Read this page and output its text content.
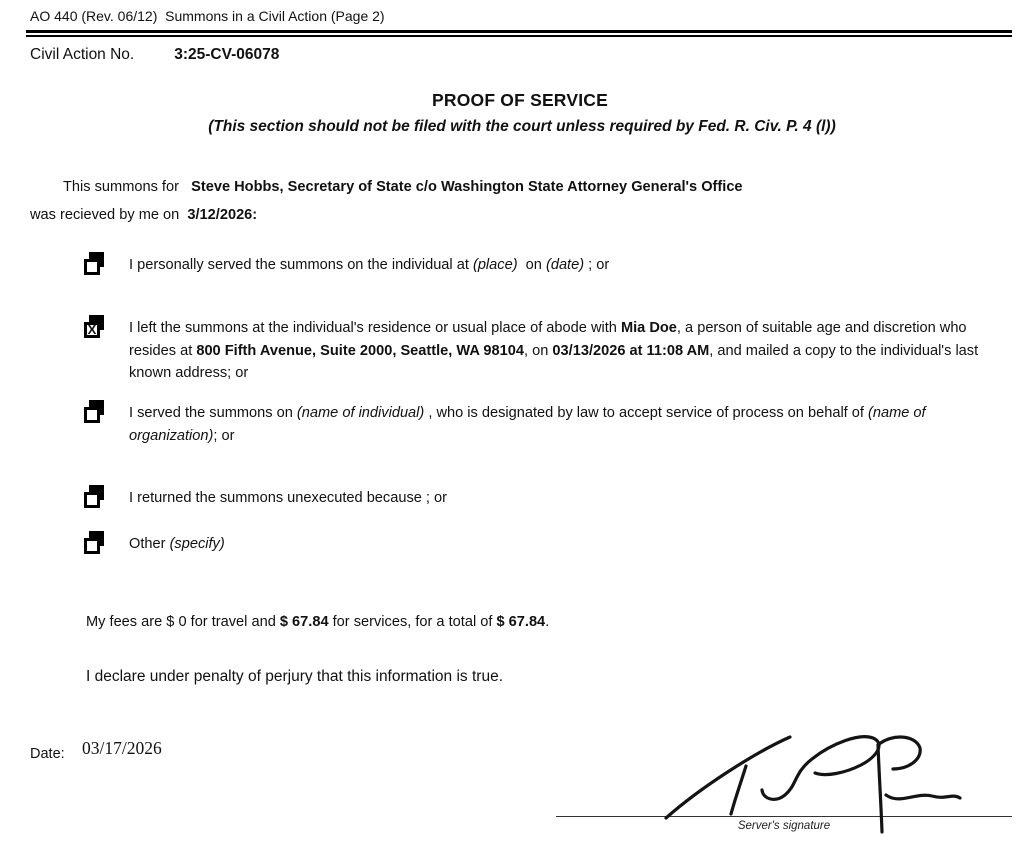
AO 440 (Rev. 06/12)  Summons in a Civil Action (Page 2)
Civil Action No.	3:25-CV-06078
PROOF OF SERVICE
(This section should not be filed with the court unless required by Fed. R. Civ. P. 4 (l))
This summons for   Steve Hobbs, Secretary of State c/o Washington State Attorney General's Office
was recieved by me on  3/12/2026:
I personally served the summons on the individual at (place)  on (date) ; or
X I left the summons at the individual's residence or usual place of abode with Mia Doe, a person of suitable age and discretion who resides at 800 Fifth Avenue, Suite 2000, Seattle, WA 98104, on 03/13/2026 at 11:08 AM, and mailed a copy to the individual's last known address; or
I served the summons on (name of individual) , who is designated by law to accept service of process on behalf of (name of  organization); or
I returned the summons unexecuted because ; or
Other (specify)
My fees are $ 0 for travel and $ 67.84 for services, for a total of $ 67.84.
I declare under penalty of perjury that this information is true.
Date: 03/17/2026
Server's signature
